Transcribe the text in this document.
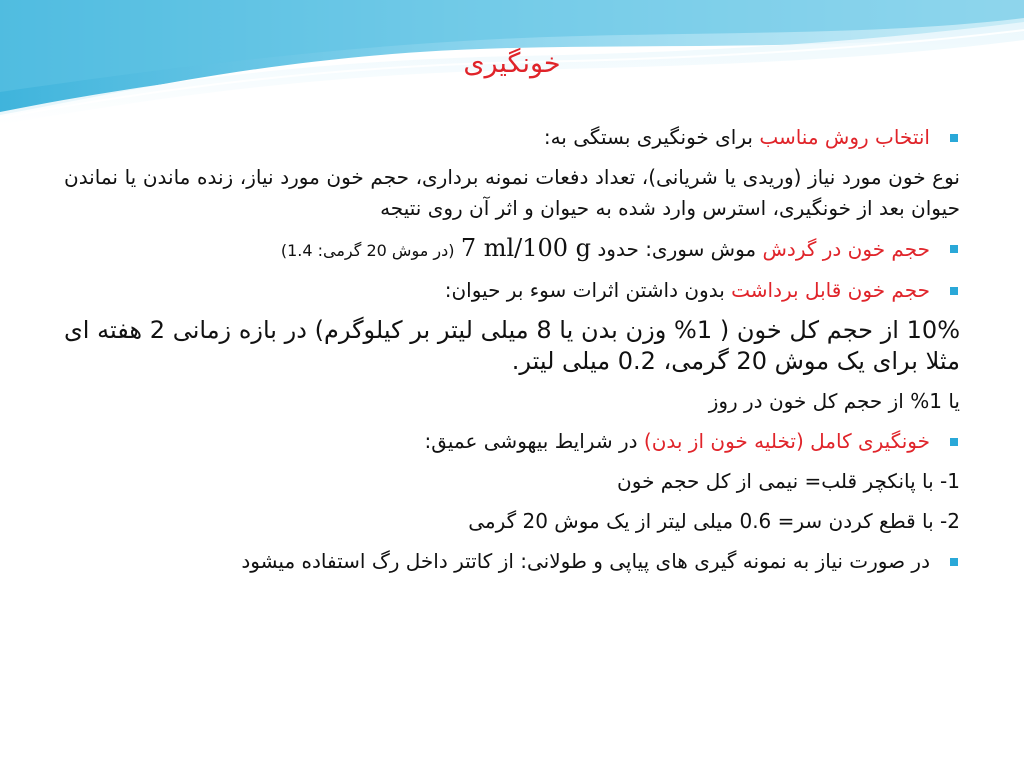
خونگیری

انتخاب روش مناسب برای خونگیری بستگی به:

نوع خون مورد نیاز (وریدی یا شریانی)، تعداد دفعات نمونه برداری، حجم خون مورد نیاز، زنده ماندن یا نماندن حیوان بعد از خونگیری، استرس وارد شده به حیوان و اثر آن روی نتیجه

حجم خون در گردش موش سوری: حدود 7 ml/100 g (در موش 20 گرمی: 1.4)

حجم خون قابل برداشت بدون داشتن اثرات سوء بر حیوان:

10% از حجم کل خون ( 1% وزن بدن یا 8 میلی لیتر بر کیلوگرم) در بازه زمانی 2 هفته ای مثلا برای یک موش 20 گرمی، 0.2 میلی لیتر.

یا 1% از حجم کل خون در روز

خونگیری کامل (تخلیه خون از بدن) در شرایط بیهوشی عمیق:

1- با پانکچر قلب= نیمی از کل حجم خون

2- با قطع کردن سر= 0.6 میلی لیتر از یک موش 20 گرمی

در صورت نیاز به نمونه گیری های پیاپی و طولانی: از کاتتر داخل رگ استفاده میشود
